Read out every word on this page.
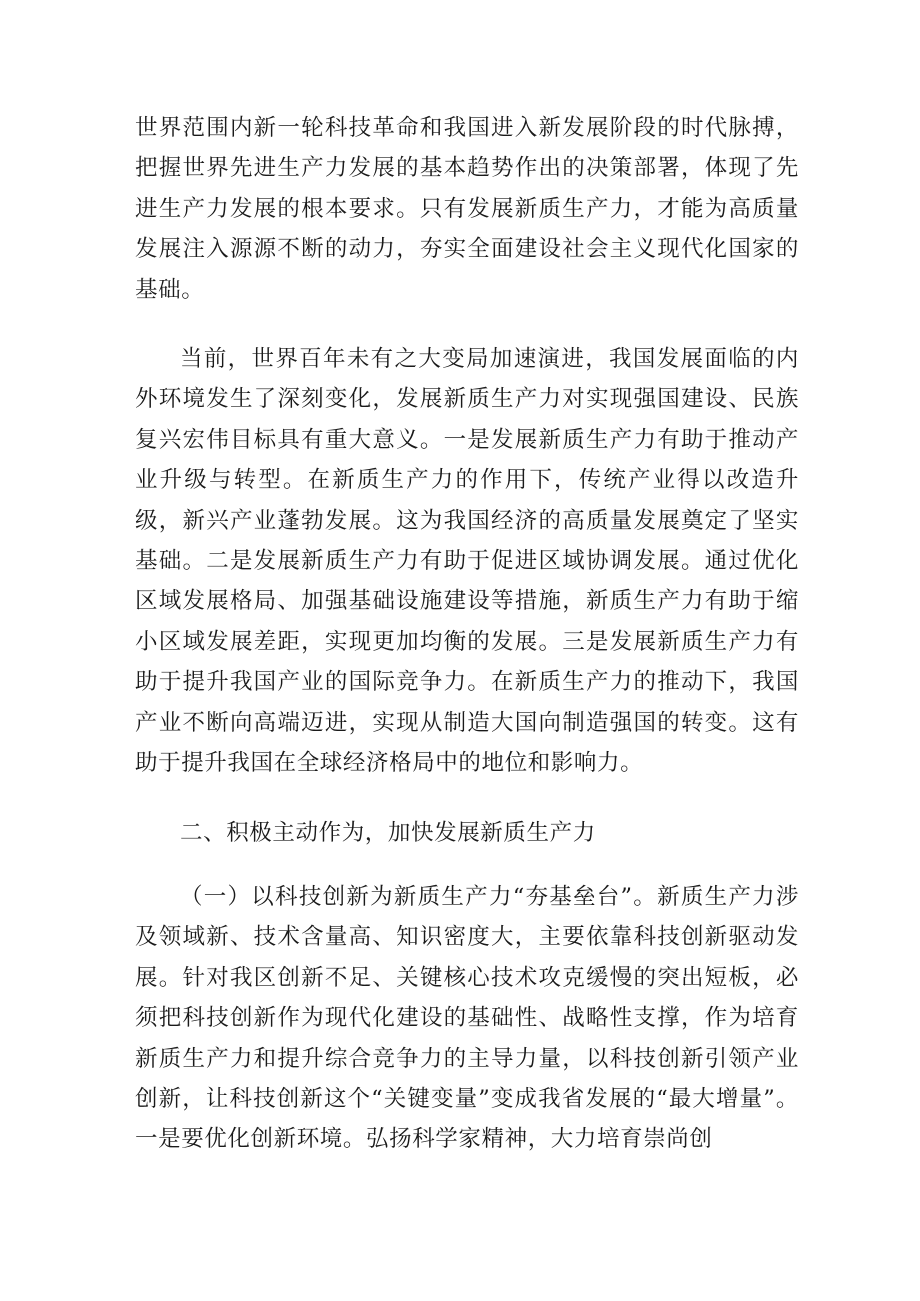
世界范围内新一轮科技革命和我国进入新发展阶段的时代脉搏，把握世界先进生产力发展的基本趋势作出的决策部署，体现了先进生产力发展的根本要求。只有发展新质生产力，才能为高质量发展注入源源不断的动力，夯实全面建设社会主义现代化国家的基础。

当前，世界百年未有之大变局加速演进，我国发展面临的内外环境发生了深刻变化，发展新质生产力对实现强国建设、民族复兴宏伟目标具有重大意义。一是发展新质生产力有助于推动产业升级与转型。在新质生产力的作用下，传统产业得以改造升级，新兴产业蓬勃发展。这为我国经济的高质量发展奠定了坚实基础。二是发展新质生产力有助于促进区域协调发展。通过优化区域发展格局、加强基础设施建设等措施，新质生产力有助于缩小区域发展差距，实现更加均衡的发展。三是发展新质生产力有助于提升我国产业的国际竞争力。在新质生产力的推动下，我国产业不断向高端迈进，实现从制造大国向制造强国的转变。这有助于提升我国在全球经济格局中的地位和影响力。

二、积极主动作为，加快发展新质生产力

（一）以科技创新为新质生产力“夯基垒台”。新质生产力涉及领域新、技术含量高、知识密度大，主要依靠科技创新驱动发展。针对我区创新不足、关键核心技术攻克缓慢的突出短板，必须把科技创新作为现代化建设的基础性、战略性支撑，作为培育新质生产力和提升综合竞争力的主导力量，以科技创新引领产业创新，让科技创新这个“关键变量”变成我省发展的“最大增量”。一是要优化创新环境。弘扬科学家精神，大力培育崇尚创
